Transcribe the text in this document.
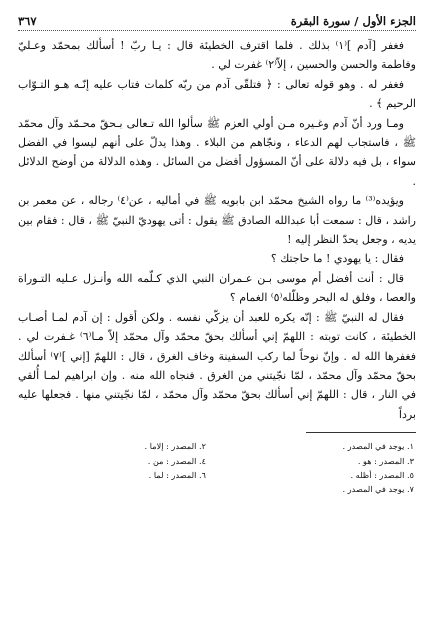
الجزء الأول / سورة البقرة
٣٦٧

فغفر [آدم ]⁽١⁾ بذلك . فلما اقترف الخطيئة قال : يـا ربّ ! أسألك بمحمّد وعـليّ وفاطمة والحسن والحسين ، إلاّ⁽٢⁾ غفرت لي .

فغفر له . وهو قوله تعالى : ﴿ فتلقّى آدم من ربّه كلمات فتاب عليه إنّـه هـو التـوّاب الرحيم ﴾ .

ومـا ورد أنّ آدم وغـيره مـن أولي العزم ﷺ سألوا الله تـعالى بـحقّ محـمّد وآل محمّد ﷺ ، فاستجاب لهم الدعاء ، ونجّاهم من البلاء . وهذا يدلّ على أنهم ليسوا في الفضل سواء ، بل فيه دلالة على أنّ المسؤول أفضل من السائل . وهذه الدلالة من أوضح الدلائل .

ويؤيده⁽³⁾ ما رواه الشيخ محمّد ابن بابويه ﷺ في أماليه ، عن⁽٤⁾ رجاله ، عن معمر بن راشد ، قال : سمعت أبا عبدالله الصادق ﷺ يقول : أتى يهوديّ النبيّ ﷺ ، قال : فقام بين يديه ، وجعل يحدّ النظر إليه !

فقال : يا يهودي ! ما حاجتك ؟

قال : أنت أفضل أم موسى بـن عـمران النبي الذي كـلّمه الله وأنـزل عـليه التـوراة والعصا ، وفلق له البحر وظلّله⁽٥⁾ الغمام ؟

فقال له النبيّ ﷺ : إنّه يكره للعبد أن يزكّي نفسه . ولكن أقول : إن آدم لمـا أصـاب الخطيئة ، كانت توبته : اللهمّ إني أسألك بحقّ محمّد وآل محمّد إلاّ مـا⁽٦⁾ غـفرت لي . فغفرها الله له . وإنّ نوحاً لما ركب السفينة وخاف الغرق ، قال : اللهمّ [إني ]⁽٧⁾ أسألك بحقّ محمّد وآل محمّد ، لمّا نجّيتني من الغرق . فنجاه الله منه . وإن ابراهيم لمـا أُلقي في النار ، قال : اللهمّ إني أسألك بحقّ محمّد وآل محمّد ، لمّا نجّيتني منها . فجعلها عليه برداً

١. يوجد في المصدر .
٢. المصدر : إلاما .
٣. المصدر : هو .
٤. المصدر : من .
٥. المصدر : أظله .
٦. المصدر : لما .
٧. يوجد في المصدر .
